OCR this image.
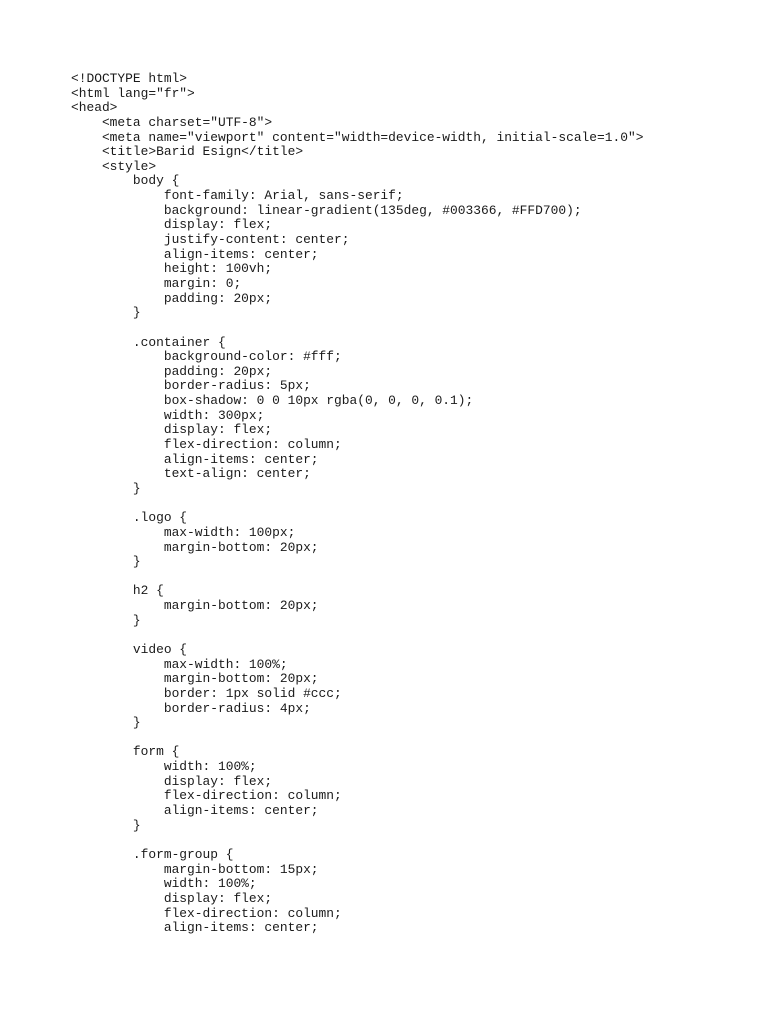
<!DOCTYPE html>
<html lang="fr">
<head>
<meta charset="UTF-8">
<meta name="viewport" content="width=device-width, initial-scale=1.0">
<title>Barid Esign</title>
<style>
body {
font-family: Arial, sans-serif;
background: linear-gradient(135deg, #003366, #FFD700);
display: flex;
justify-content: center;
align-items: center;
height: 100vh;
margin: 0;
padding: 20px;
}
.container {
background-color: #fff;
padding: 20px;
border-radius: 5px;
box-shadow: 0 0 10px rgba(0, 0, 0, 0.1);
width: 300px;
display: flex;
flex-direction: column;
align-items: center;
text-align: center;
}
.logo {
max-width: 100px;
margin-bottom: 20px;
}
h2 {
margin-bottom: 20px;
}
video {
max-width: 100%;
margin-bottom: 20px;
border: 1px solid #ccc;
border-radius: 4px;
}
form {
width: 100%;
display: flex;
flex-direction: column;
align-items: center;
}
.form-group {
margin-bottom: 15px;
width: 100%;
display: flex;
flex-direction: column;
align-items: center;
